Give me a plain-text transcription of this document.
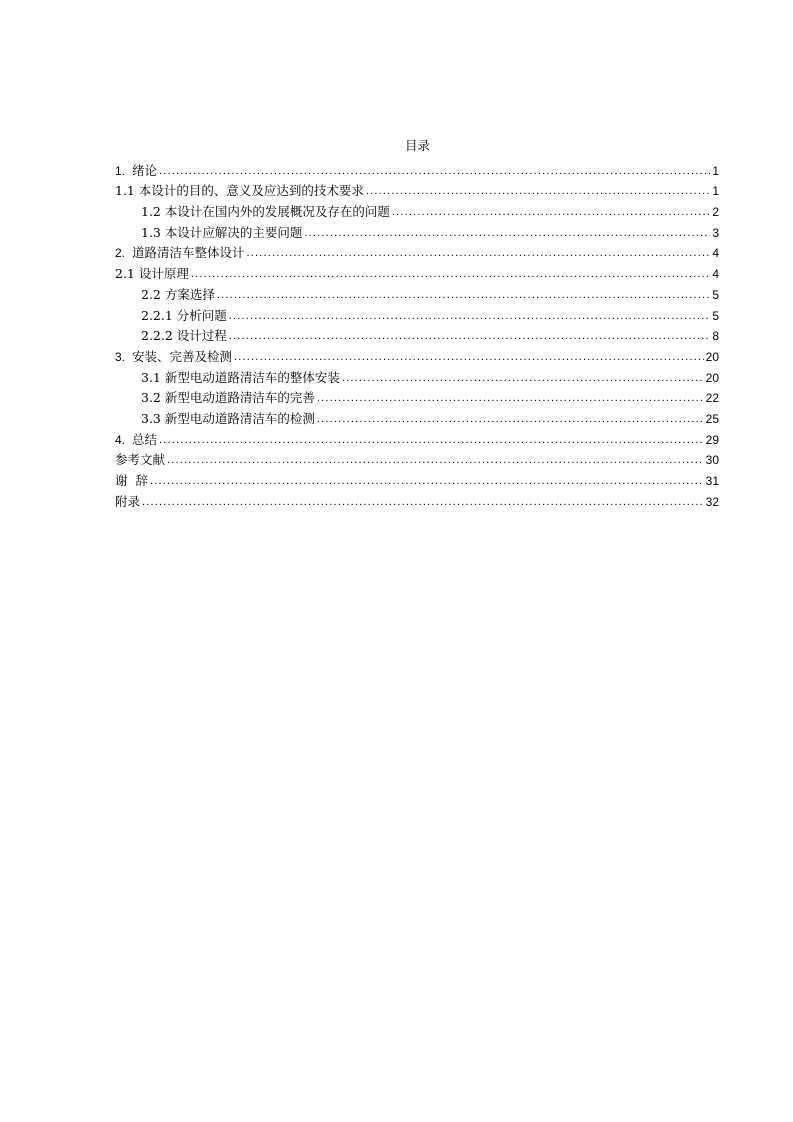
目录
1. 绪论 .....	1
1.1 本设计的目的、意义及应达到的技术要求 .....	1
1.2 本设计在国内外的发展概况及存在的问题 .....	2
1.3 本设计应解决的主要问题 .....	3
2. 道路清洁车整体设计 .....	4
2.1 设计原理 .....	4
2.2 方案选择 .....	5
2.2.1 分析问题 .....	5
2.2.2 设计过程 .....	8
3. 安装、完善及检测 .....	20
3.1 新型电动道路清洁车的整体安装 .....	20
3.2 新型电动道路清洁车的完善 .....	22
3.3 新型电动道路清洁车的检测 .....	25
4. 总结 .....	29
参考文献 .....	30
谢  辞 .....	31
附录 .....	32
